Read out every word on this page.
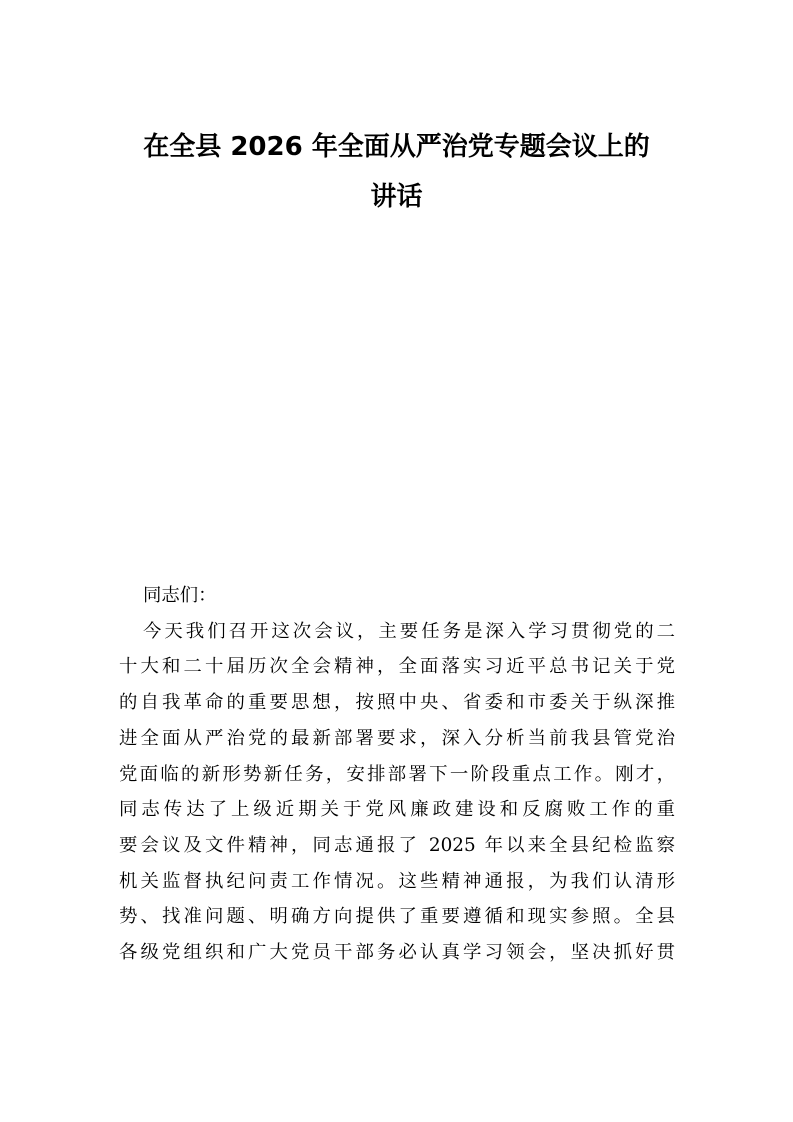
在全县 2026 年全面从严治党专题会议上的
讲话

同志们：

今天我们召开这次会议，主要任务是深入学习贯彻党的二
十大和二十届历次全会精神，全面落实习近平总书记关于党
的自我革命的重要思想，按照中央、省委和市委关于纵深推
进全面从严治党的最新部署要求，深入分析当前我县管党治
党面临的新形势新任务，安排部署下一阶段重点工作。刚才，
同志传达了上级近期关于党风廉政建设和反腐败工作的重
要会议及文件精神，同志通报了 2025 年以来全县纪检监察
机关监督执纪问责工作情况。这些精神通报，为我们认清形
势、找准问题、明确方向提供了重要遵循和现实参照。全县
各级党组织和广大党员干部务必认真学习领会，坚决抓好贯
